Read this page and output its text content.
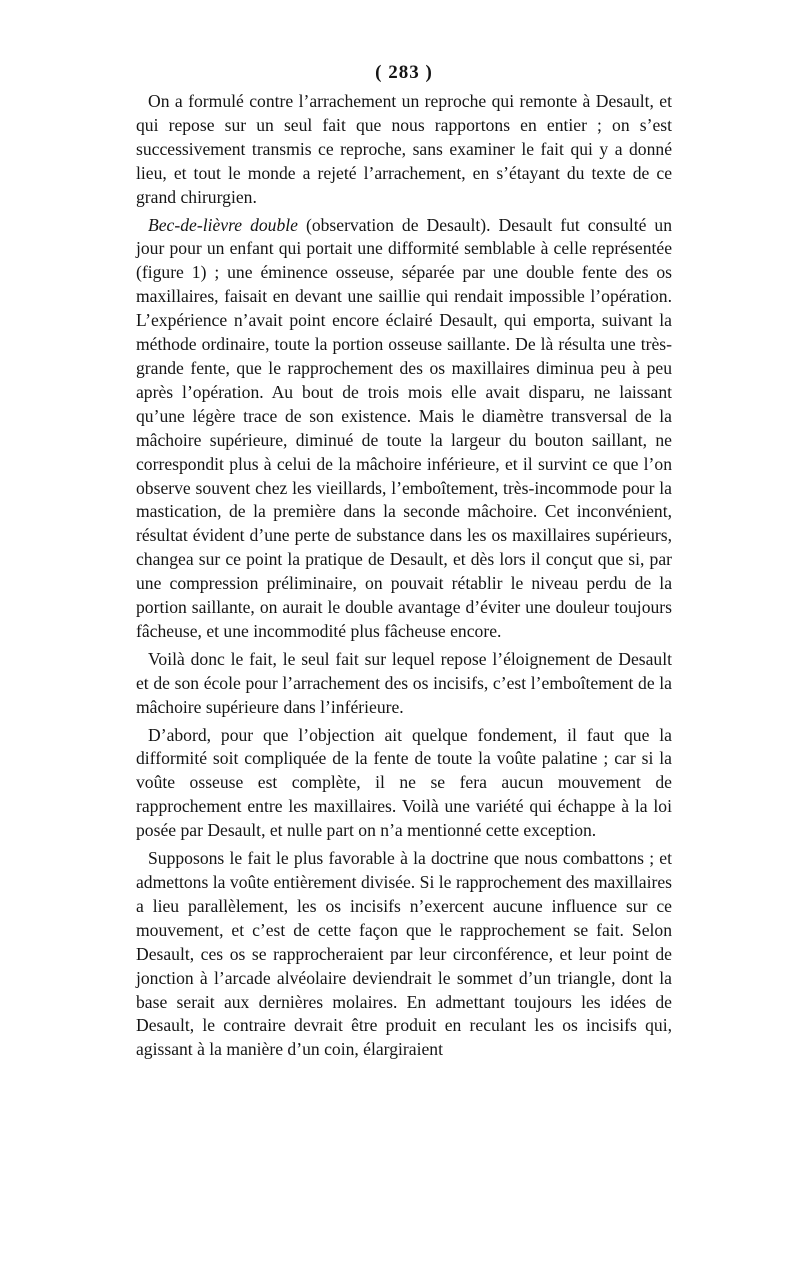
( 283 )

On a formulé contre l’arrachement un reproche qui remonte à Desault, et qui repose sur un seul fait que nous rapportons en entier ; on s’est successivement transmis ce reproche, sans examiner le fait qui y a donné lieu, et tout le monde a rejeté l’arrachement, en s’étayant du texte de ce grand chirurgien.

Bec-de-lièvre double (observation de Desault). Desault fut consulté un jour pour un enfant qui portait une difformité semblable à celle représentée (figure 1) ; une éminence osseuse, séparée par une double fente des os maxillaires, faisait en devant une saillie qui rendait impossible l’opération. L’expérience n’avait point encore éclairé Desault, qui emporta, suivant la méthode ordinaire, toute la portion osseuse saillante. De là résulta une très-grande fente, que le rapprochement des os maxillaires diminua peu à peu après l’opération. Au bout de trois mois elle avait disparu, ne laissant qu’une légère trace de son existence. Mais le diamètre transversal de la mâchoire supérieure, diminué de toute la largeur du bouton saillant, ne correspondit plus à celui de la mâchoire inférieure, et il survint ce que l’on observe souvent chez les vieillards, l’emboîtement, très-incommode pour la mastication, de la première dans la seconde mâchoire. Cet inconvénient, résultat évident d’une perte de substance dans les os maxillaires supérieurs, changea sur ce point la pratique de Desault, et dès lors il conçut que si, par une compression préliminaire, on pouvait rétablir le niveau perdu de la portion saillante, on aurait le double avantage d’éviter une douleur toujours fâcheuse, et une incommodité plus fâcheuse encore.

Voilà donc le fait, le seul fait sur lequel repose l’éloignement de Desault et de son école pour l’arrachement des os incisifs, c’est l’emboîtement de la mâchoire supérieure dans l’inférieure.

D’abord, pour que l’objection ait quelque fondement, il faut que la difformité soit compliquée de la fente de toute la voûte palatine ; car si la voûte osseuse est complète, il ne se fera aucun mouvement de rapprochement entre les maxillaires. Voilà une variété qui échappe à la loi posée par Desault, et nulle part on n’a mentionné cette exception.

Supposons le fait le plus favorable à la doctrine que nous combattons ; et admettons la voûte entièrement divisée. Si le rapprochement des maxillaires a lieu parallèlement, les os incisifs n’exercent aucune influence sur ce mouvement, et c’est de cette façon que le rapprochement se fait. Selon Desault, ces os se rapprocheraient par leur circonférence, et leur point de jonction à l’arcade alvéolaire deviendrait le sommet d’un triangle, dont la base serait aux dernières molaires. En admettant toujours les idées de Desault, le contraire devrait être produit en reculant les os incisifs qui, agissant à la manière d’un coin, élargiraient
